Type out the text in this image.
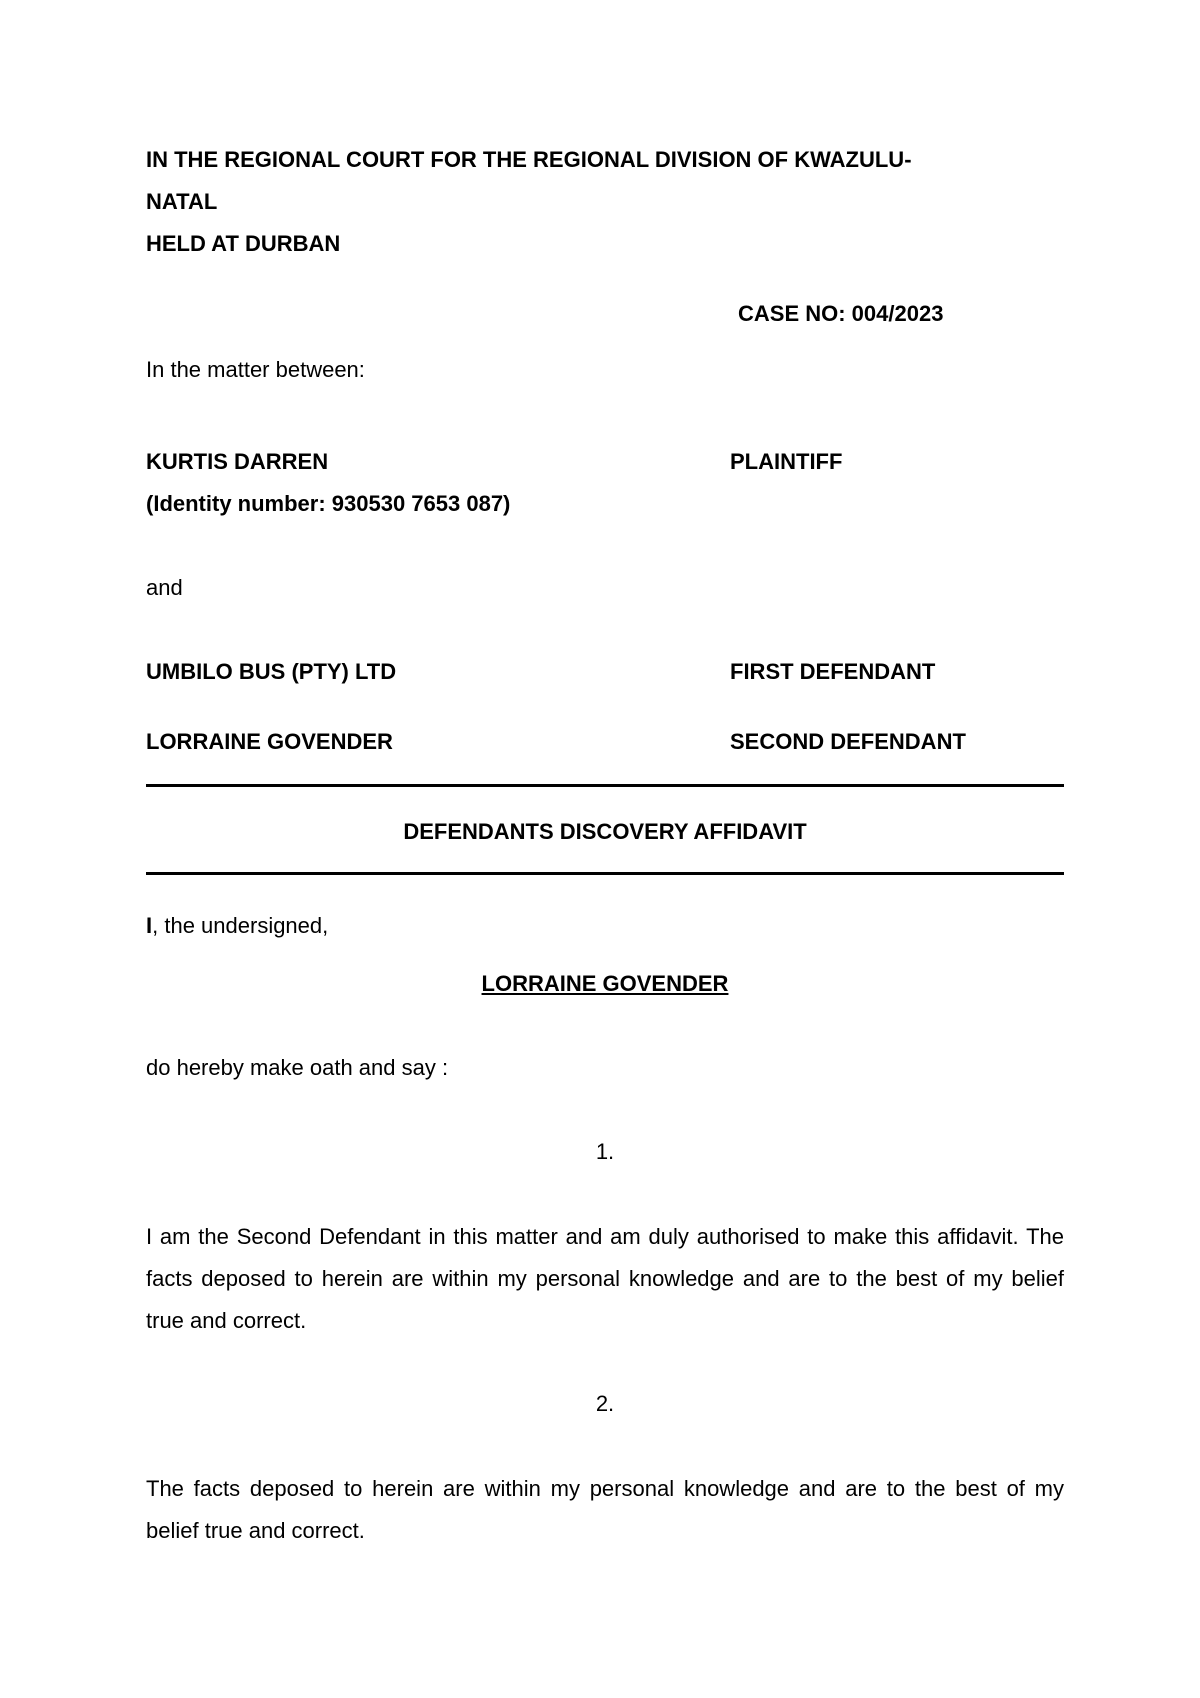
IN THE REGIONAL COURT FOR THE REGIONAL DIVISION OF KWAZULU-
NATAL
HELD AT DURBAN
CASE NO: 004/2023
In the matter between:
KURTIS DARREN	PLAINTIFF
(Identity number: 930530 7653 087)
and
UMBILO BUS (PTY) LTD	FIRST DEFENDANT
LORRAINE GOVENDER	SECOND DEFENDANT
DEFENDANTS DISCOVERY AFFIDAVIT
I, the undersigned,
LORRAINE GOVENDER
do hereby make oath and say :
1.
I am the Second Defendant in this matter and am duly authorised to make this affidavit. The facts deposed to herein are within my personal knowledge and are to the best of my belief true and correct.
2.
The facts deposed to herein are within my personal knowledge and are to the best of my belief true and correct.
